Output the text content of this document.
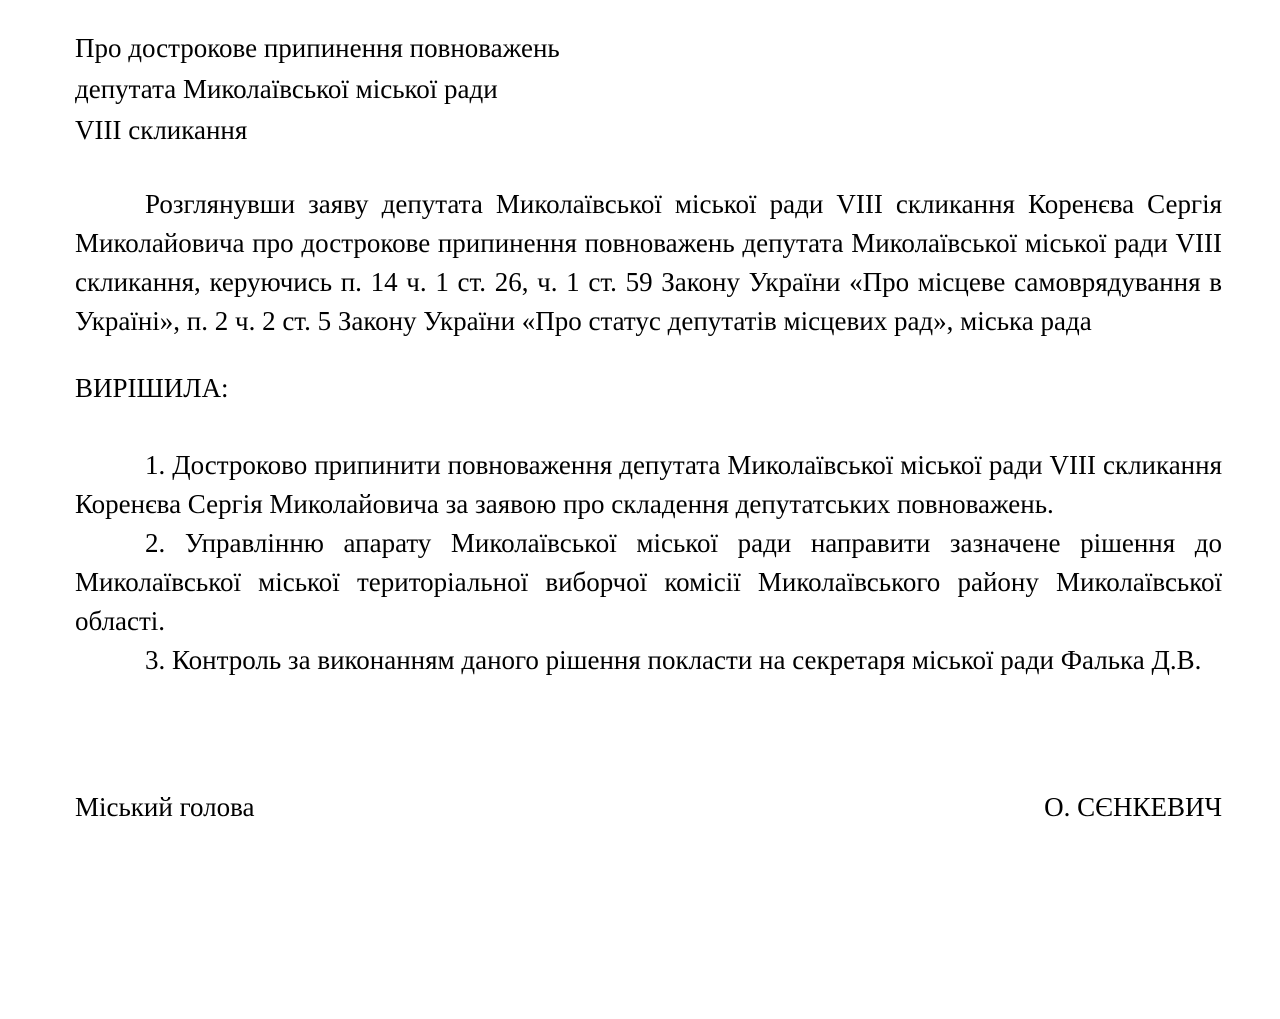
Про дострокове припинення повноважень
депутата Миколаївської міської ради
VIII скликання

Розглянувши заяву депутата Миколаївської міської ради VIII скликання Коренєва Сергія Миколайовича про дострокове припинення повноважень депутата Миколаївської міської ради VIII скликання, керуючись п. 14 ч. 1 ст. 26, ч. 1 ст. 59 Закону України «Про місцеве самоврядування в Україні», п. 2 ч. 2 ст. 5 Закону України «Про статус депутатів місцевих рад», міська рада

ВИРІШИЛА:

1. Достроково припинити повноваження депутата Миколаївської міської ради VIII скликання Коренєва Сергія Миколайовича за заявою про складення депутатських повноважень.

2. Управлінню апарату Миколаївської міської ради направити зазначене рішення до Миколаївської міської територіальної виборчої комісії Миколаївського району Миколаївської області.

3. Контроль за виконанням даного рішення покласти на секретаря міської ради Фалька Д.В.

Міський голова	О. СЄНКЕВИЧ
